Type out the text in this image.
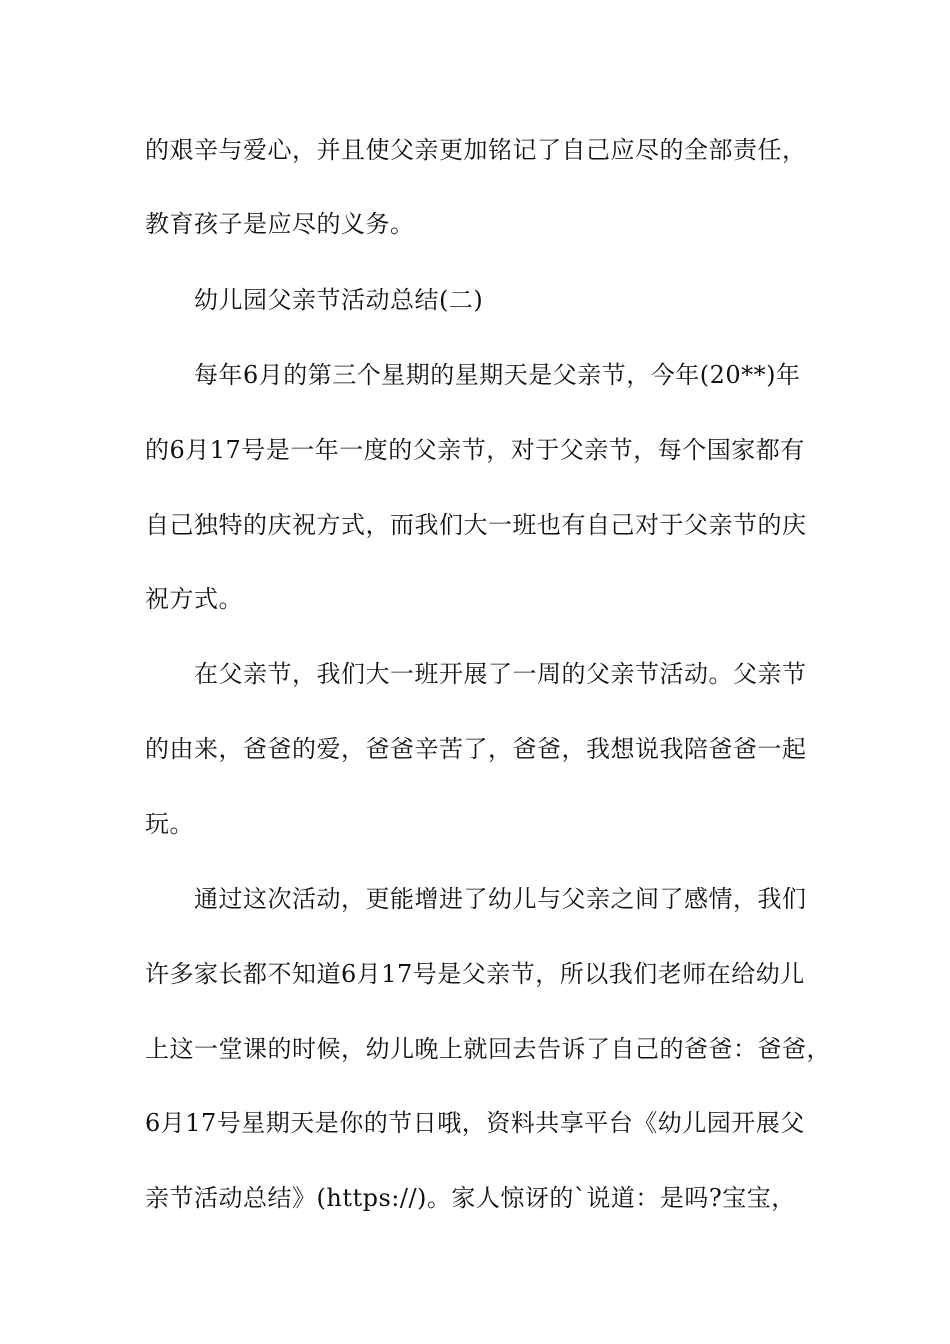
的艰辛与爱心，并且使父亲更加铭记了自己应尽的全部责任，
教育孩子是应尽的义务。
幼儿园父亲节活动总结(二)
每年6月的第三个星期的星期天是父亲节，今年(20**)年
的6月17号是一年一度的父亲节，对于父亲节，每个国家都有
自己独特的庆祝方式，而我们大一班也有自己对于父亲节的庆
祝方式。
在父亲节，我们大一班开展了一周的父亲节活动。父亲节
的由来，爸爸的爱，爸爸辛苦了，爸爸，我想说我陪爸爸一起
玩。
通过这次活动，更能增进了幼儿与父亲之间了感情，我们
许多家长都不知道6月17号是父亲节，所以我们老师在给幼儿
上这一堂课的时候，幼儿晚上就回去告诉了自己的爸爸：爸爸，
6月17号星期天是你的节日哦，资料共享平台《幼儿园开展父
亲节活动总结》(https://)。家人惊讶的`说道：是吗?宝宝，
